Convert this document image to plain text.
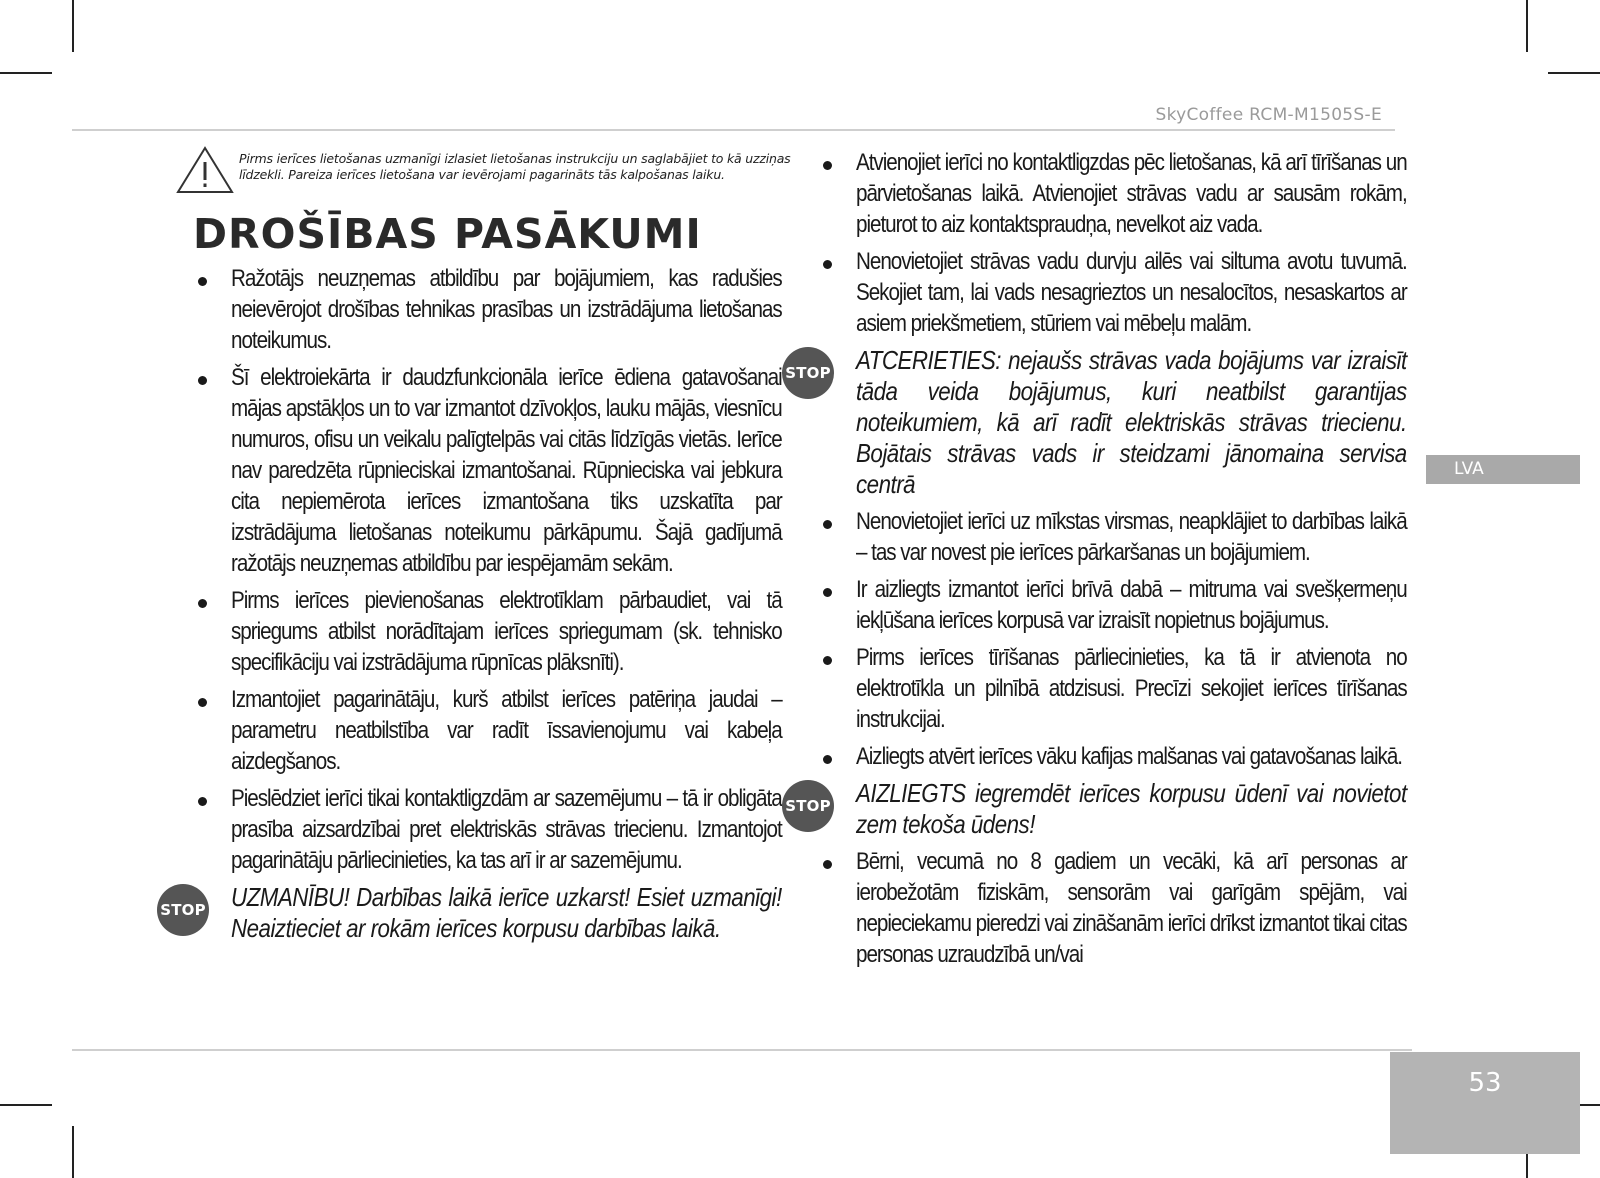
SkyCoffee RCM-M1505S-E
LVA
53
Pirms ierīces lietošanas uzmanīgi izlasiet lietošanas instrukciju un saglabājiet to kā uzziņas līdzekli. Pareiza ierīces lietošana var ievērojami pagarināts tās kalpošanas laiku.
DROŠĪBAS PASĀKUMI
Ražotājs neuzņemas atbildību par bojājumiem, kas radušies neievērojot drošības tehnikas prasības un izstrādājuma lietošanas noteikumus.
Šī elektroiekārta ir daudzfunkcionāla ierīce ēdiena gatavošanai mājas apstākļos un to var izmantot dzīvokļos, lauku mājās, viesnīcu numuros, ofisu un veikalu palīgtelpās vai citās līdzīgās vietās. Ierīce nav paredzēta rūpnieciskai izmantošanai. Rūpnieciska vai jebkura cita nepiemērota ierīces izmantošana tiks uzskatīta par izstrādājuma lietošanas noteikumu pārkāpumu. Šajā gadījumā ražotājs neuzņemas atbildību par iespējamām sekām.
Pirms ierīces pievienošanas elektrotīklam pārbaudiet, vai tā spriegums atbilst norādītajam ierīces spriegumam (sk. tehnisko specifikāciju vai izstrādājuma rūpnīcas plāksnīti).
Izmantojiet pagarinātāju, kurš atbilst ierīces patēriņa jaudai – parametru neatbilstība var radīt īssavienojumu vai kabeļa aizdegšanos.
Pieslēdziet ierīci tikai kontaktligzdām ar sazemējumu – tā ir obligāta prasība aizsardzībai pret elektriskās strāvas triecienu. Izmantojot pagarinātāju pārliecinieties, ka tas arī ir ar sazemējumu.
STOP UZMANĪBU! Darbības laikā ierīce uzkarst! Esiet uzmanīgi! Neaiztieciet ar rokām ierīces korpusu darbības laikā.
Atvienojiet ierīci no kontaktligzdas pēc lietošanas, kā arī tīrīšanas un pārvietošanas laikā. Atvienojiet strāvas vadu ar sausām rokām, pieturot to aiz kontaktspraudņa, nevelkot aiz vada.
Nenovietojiet strāvas vadu durvju ailēs vai siltuma avotu tuvumā. Sekojiet tam, lai vads nesagrieztos un nesalocītos, nesaskartos ar asiem priekšmetiem, stūriem vai mēbeļu malām.
STOP ATCERIETIES: nejaušs strāvas vada bojājums var izraisīt tāda veida bojājumus, kuri neatbilst garantijas noteikumiem, kā arī radīt elektriskās strāvas triecienu. Bojātais strāvas vads ir steidzami jānomaina servisa centrā
Nenovietojiet ierīci uz mīkstas virsmas, neapklājiet to darbības laikā – tas var novest pie ierīces pārkaršanas un bojājumiem.
Ir aizliegts izmantot ierīci brīvā dabā – mitruma vai svešķermeņu iekļūšana ierīces korpusā var izraisīt nopietnus bojājumus.
Pirms ierīces tīrīšanas pārliecinieties, ka tā ir atvienota no elektrotīkla un pilnībā atdzisusi. Precīzi sekojiet ierīces tīrīšanas instrukcijai.
Aizliegts atvērt ierīces vāku kafijas malšanas vai gatavošanas laikā.
STOP AIZLIEGTS iegremdēt ierīces korpusu ūdenī vai novietot zem tekoša ūdens!
Bērni, vecumā no 8 gadiem un vecāki, kā arī personas ar ierobežotām fiziskām, sensorām vai garīgām spējām, vai nepieciekamu pieredzi vai zināšanām ierīci drīkst izmantot tikai citas personas uzraudzībā un/vai
